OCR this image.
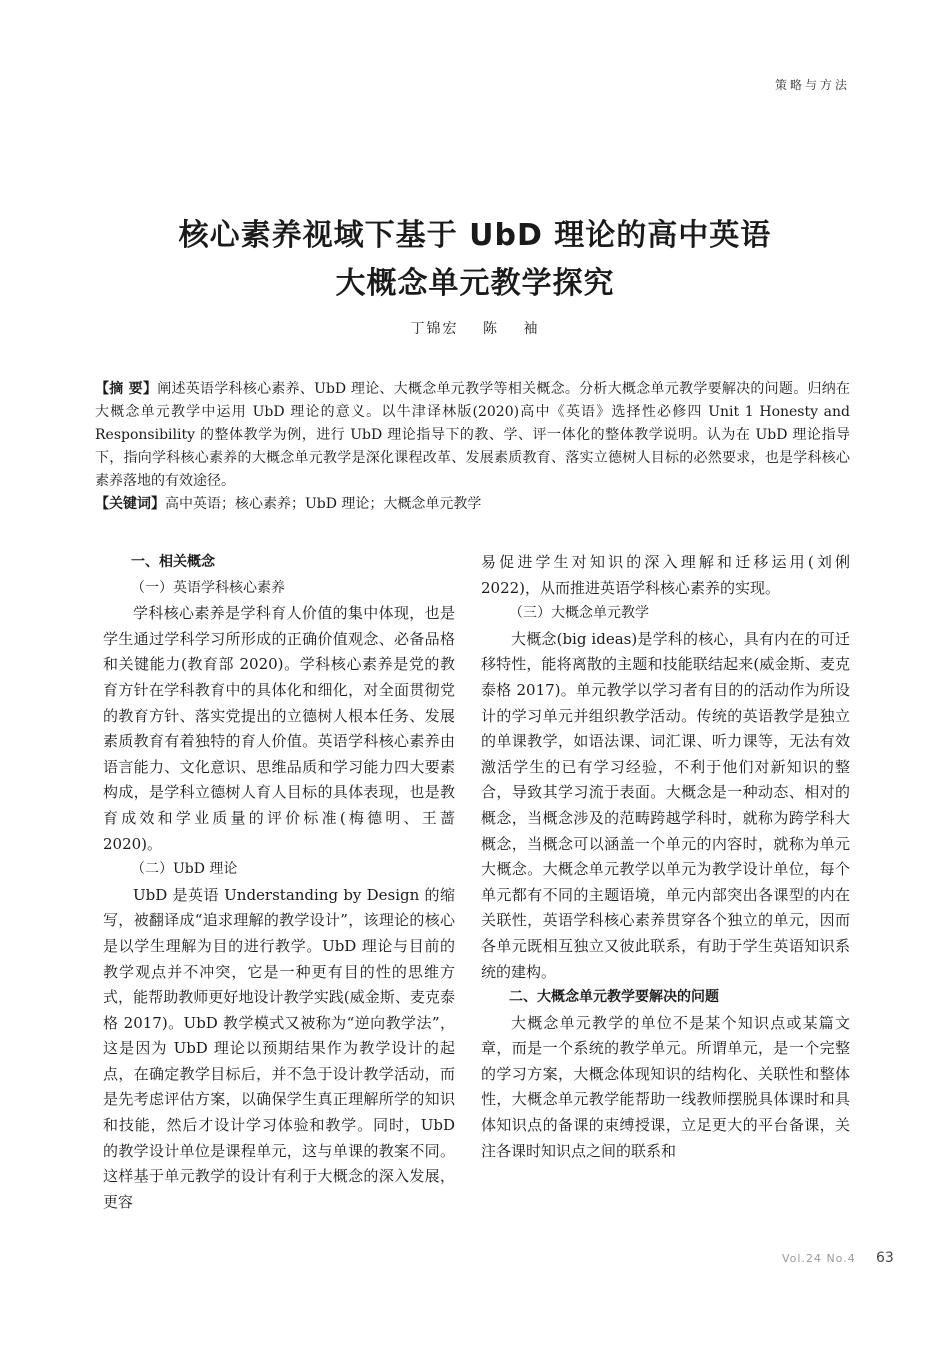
策略与方法
核心素养视域下基于 UbD 理论的高中英语
大概念单元教学探究
丁锦宏 陈 袖

【摘 要】阐述英语学科核心素养、UbD 理论、大概念单元教学等相关概念。分析大概念单元教学要解决的问题。归纳在大概念单元教学中运用 UbD 理论的意义。以牛津译林版(2020)高中《英语》选择性必修四 Unit 1 Honesty and Responsibility 的整体教学为例，进行 UbD 理论指导下的教、学、评一体化的整体教学说明。认为在 UbD 理论指导下，指向学科核心素养的大概念单元教学是深化课程改革、发展素质教育、落实立德树人目标的必然要求，也是学科核心素养落地的有效途径。

【关键词】高中英语；核心素养；UbD 理论；大概念单元教学

一、相关概念

（一）英语学科核心素养

学科核心素养是学科育人价值的集中体现，也是学生通过学科学习所形成的正确价值观念、必备品格和关键能力(教育部 2020)。学科核心素养是党的教育方针在学科教育中的具体化和细化，对全面贯彻党的教育方针、落实党提出的立德树人根本任务、发展素质教育有着独特的育人价值。英语学科核心素养由语言能力、文化意识、思维品质和学习能力四大要素构成，是学科立德树人育人目标的具体表现，也是教育成效和学业质量的评价标准(梅德明、王蔷 2020)。

（二）UbD 理论

UbD 是英语 Understanding by Design 的缩写，被翻译成“追求理解的教学设计”，该理论的核心是以学生理解为目的进行教学。UbD 理论与目前的教学观点并不冲突，它是一种更有目的性的思维方式，能帮助教师更好地设计教学实践(威金斯、麦克泰格 2017)。UbD 教学模式又被称为“逆向教学法”，这是因为 UbD 理论以预期结果作为教学设计的起点，在确定教学目标后，并不急于设计教学活动，而是先考虑评估方案，以确保学生真正理解所学的知识和技能，然后才设计学习体验和教学。同时，UbD 的教学设计单位是课程单元，这与单课的教案不同。这样基于单元教学的设计有利于大概念的深入发展，更容

易促进学生对知识的深入理解和迁移运用(刘俐 2022)，从而推进英语学科核心素养的实现。

（三）大概念单元教学

大概念(big ideas)是学科的核心，具有内在的可迁移特性，能将离散的主题和技能联结起来(威金斯、麦克泰格 2017)。单元教学以学习者有目的的活动作为所设计的学习单元并组织教学活动。传统的英语教学是独立的单课教学，如语法课、词汇课、听力课等，无法有效激活学生的已有学习经验，不利于他们对新知识的整合，导致其学习流于表面。大概念是一种动态、相对的概念，当概念涉及的范畴跨越学科时，就称为跨学科大概念，当概念可以涵盖一个单元的内容时，就称为单元大概念。大概念单元教学以单元为教学设计单位，每个单元都有不同的主题语境，单元内部突出各课型的内在关联性，英语学科核心素养贯穿各个独立的单元，因而各单元既相互独立又彼此联系，有助于学生英语知识系统的建构。

二、大概念单元教学要解决的问题

大概念单元教学的单位不是某个知识点或某篇文章，而是一个系统的教学单元。所谓单元，是一个完整的学习方案，大概念体现知识的结构化、关联性和整体性，大概念单元教学能帮助一线教师摆脱具体课时和具体知识点的备课的束缚授课，立足更大的平台备课，关注各课时知识点之间的联系和

Vol.24 No.4 63
